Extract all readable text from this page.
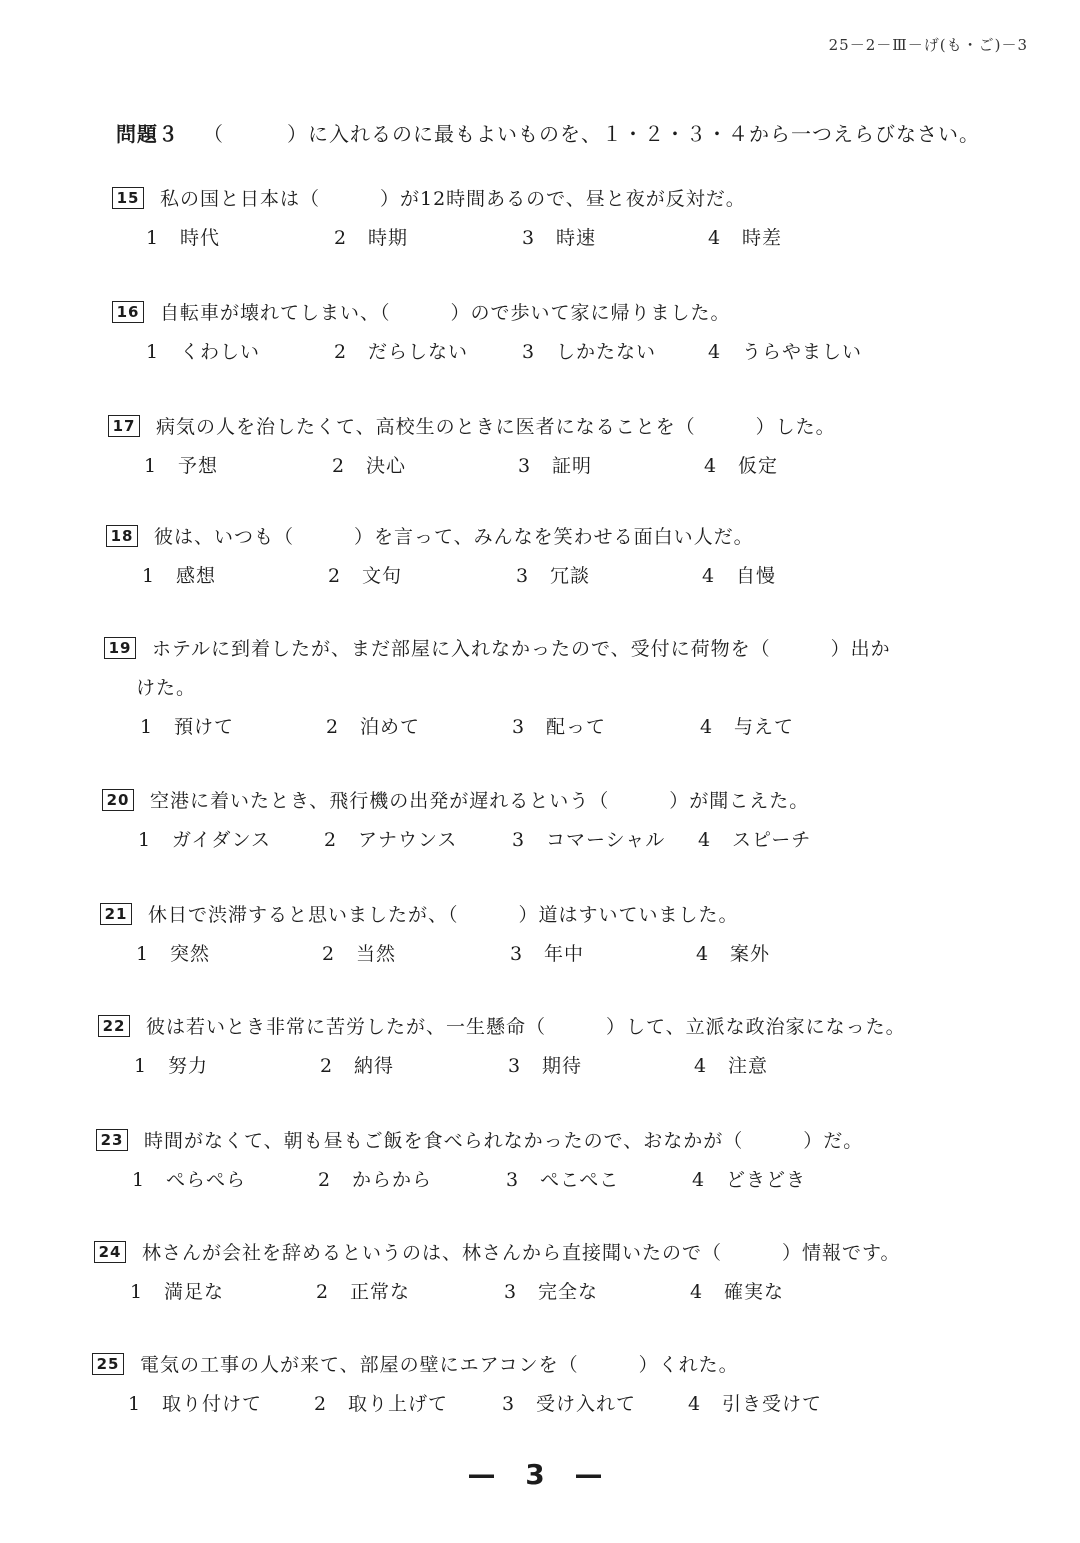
25－2－Ⅲ－げ(も・ご)－3
問題３ （　　　）に入れるのに最もよいものを、１・２・３・４から一つえらびなさい。
15 私の国と日本は（　　　）が12時間あるので、昼と夜が反対だ。
1 時代	2 時期	3 時速	4 時差
16 自転車が壊れてしまい、（　　　）ので歩いて家に帰りました。
1 くわしい	2 だらしない	3 しかたない	4 うらやましい
17 病気の人を治したくて、高校生のときに医者になることを（　　　）した。
1 予想	2 決心	3 証明	4 仮定
18 彼は、いつも（　　　）を言って、みんなを笑わせる面白い人だ。
1 感想	2 文句	3 冗談	4 自慢
19 ホテルに到着したが、まだ部屋に入れなかったので、受付に荷物を（　　　）出か
けた。
1 預けて	2 泊めて	3 配って	4 与えて
20 空港に着いたとき、飛行機の出発が遅れるという（　　　）が聞こえた。
1 ガイダンス	2 アナウンス	3 コマーシャル 4 スピーチ
21 休日で渋滞すると思いましたが、（　　　）道はすいていました。
1 突然	2 当然	3 年中	4 案外
22 彼は若いとき非常に苦労したが、一生懸命（　　　）して、立派な政治家になった。
1 努力	2 納得	3 期待	4 注意
23 時間がなくて、朝も昼もご飯を食べられなかったので、おなかが（　　　）だ。
1 ぺらぺら	2 からから	3 ぺこぺこ	4 どきどき
24 林さんが会社を辞めるというのは、林さんから直接聞いたので（　　　）情報です。
1 満足な	2 正常な	3 完全な	4 確実な
25 電気の工事の人が来て、部屋の壁にエアコンを（　　　）くれた。
1 取り付けて	2 取り上げて	3 受け入れて	4 引き受けて
— 3 —
